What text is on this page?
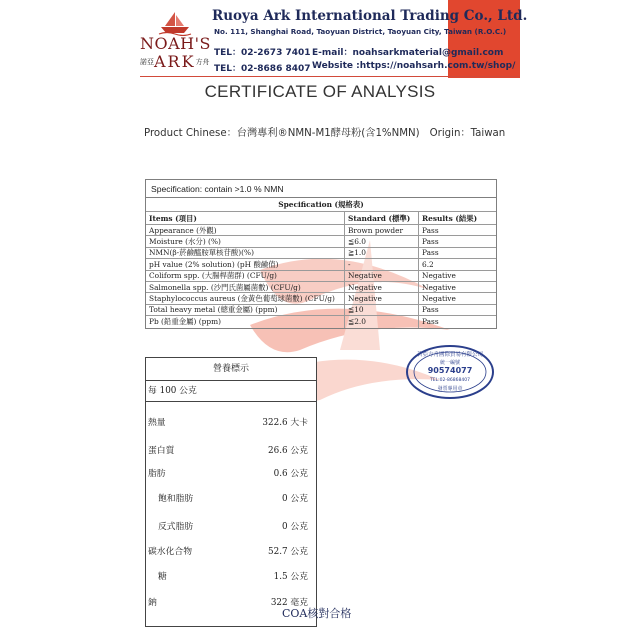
NOAH'S
諾亞ARK方舟
Ruoya Ark International Trading Co., Ltd.
No. 111, Shanghai Road, Taoyuan District, Taoyuan City, Taiwan (R.O.C.)
TEL：02-2673 7401
TEL：02-8686 8407
E-mail：noahsarkmaterial@gmail.com
Website :https://noahsarh.com.tw/shop/
CERTIFICATE OF ANALYSIS
Product Chinese：台灣專利®NMN-M1酵母粉(含1%NMN) Origin：Taiwan
Specification: contain >1.0 % NMN
Specification (規格表)
Items (項目)	Standard (標準)	Results (結果)
Appearance (外觀)	Brown powder	Pass
Moisture (水分) (%)	≦6.0	Pass
NMN(β-菸鹼醯胺單核苷酸)(%)	≧1.0	Pass
pH value (2% solution) (pH 酸鹼值)	-	6.2
Coliform spp. (大腸桿菌群) (CFU/g)	Negative	Negative
Salmonella spp. (沙門氏菌屬菌數) (CFU/g)	Negative	Negative
Staphylococcus aureus (金黃色葡萄球菌數) (CFU/g)	Negative	Negative
Total heavy metal (總重金屬) (ppm)	≦10	Pass
Pb (鉛重金屬) (ppm)	≦2.0	Pass
若亞方舟國際貿易有限公司
統一編號
90574077
TEL:02-86868407
發票專用章
營養標示
每 100 公克
熱量	322.6 大卡
蛋白質	26.6 公克
脂肪	0.6 公克
飽和脂肪	0 公克
反式脂肪	0 公克
碳水化合物	52.7 公克
糖	1.5 公克
鈉	322 毫克
COA核對合格
